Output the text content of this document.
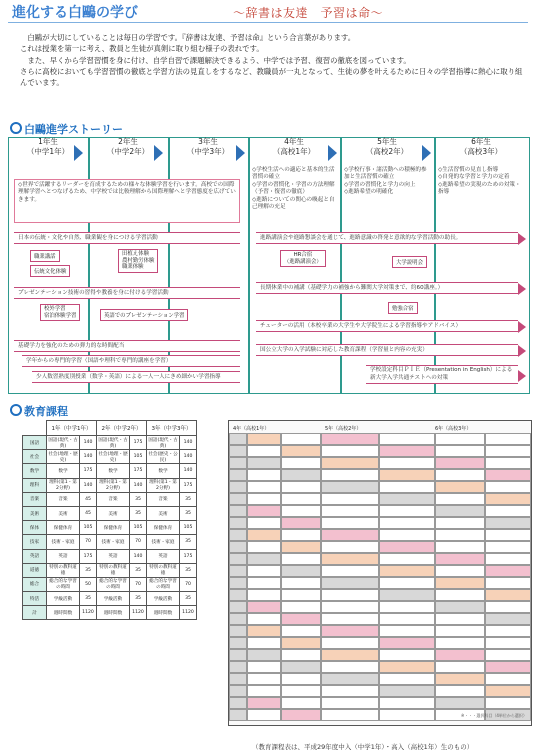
進化する白鷗の学び	～辞書は友達　予習は命～

白鷗が大切にしていることは毎日の学習です。『辞書は友達、予習は命』という合言葉があります。

これは授業を第一に考え、教員と生徒が真剣に取り組む様子の表れです。

また、早くから学習習慣を身に付け、自学自習で課題解決できるよう、中学では予習、復習の徹底を図っています。

さらに高校においても学習習慣の徹底と学習方法の見直しをするなど、教職員が一丸となって、生徒の夢を叶えるために日々の学習指導に熱心に取り組んでいます。

白鷗進学ストーリー
1年生
（中学1年）
2年生
（中学2年）
3年生
（中学3年）
4年生
（高校1年）
5年生
（高校2年）
6年生
（高校3年）
◇世界で活躍するリーダーを育成するための様々な体験学習を行います。高校での国際理解学習へとつなげるため、中学校では比較理解から国際理解へと学習態度を広げていきます。
◇学校生活への適応と基本的生活習慣の確立
◇学習の習慣化・学習の方法理解
（予習・復習の徹底）
◇進路についての関心の喚起と自己理解の充足
◇学校行事・諸活動への積極的参加と生活習慣の確立
◇学習の習慣化と学力の向上
◇進路希望の明確化
◇生活習慣の見直し指導
◇自発的な学習と学力の定着
◇進路希望の実現のための対策・指導
日本の伝統・文化や自然、職業観を身につける学習活動
職業講話
伝統文化体験
田植え体験
農村勤労体験
職業体験
プレゼンテーション技術の習得や教養を身に付ける学習活動
校外学習
宿泊体験学習	英語でのプレゼンテーション学習
基礎学力を強化のための弾力的な時間配当
学年からの専門的学習（国語や理科で専門的講座を学習）
少人数習熟度別授業（数学・英語）による一人一人にきめ細かい学習指導
進路講演会や進路懇談会を通じて、進路意識の啓発と意欲的な学習活動の助長。
HR合宿
（進路講演会）	大学説明会
長期休業中の補講（基礎学力の補強から難関大学対策まで、約60講座。）
勉強合宿
チューターの活用（本校卒業の大学生や大学院生による学習指導やアドバイス）
国公立大学の入学試験に対応した教育課程（学習量と内容の充実）
学校設定科目ＰＩＥ（Presentation in English）による新大学入学共通テストへの対策
教育課程
	1年（中学1年）		2年（中学2年）		3年（中学3年）	
国語	国語(現代・古典)	140	国語(現代・古典)	175	国語(現代・古典)	140
社会	社会(地理・歴史)	140	社会(地理・歴史)	105	社会(歴史・公民)	140
数学	数学	175	数学	175	数学	140
理科	理科(第1・第2分野)	140	理科(第1・第2分野)	140	理科(第1・第2分野)	175
音楽	音楽	45	音楽	35	音楽	35
美術	美術	45	美術	35	美術	35
保体	保健体育	105	保健体育	105	保健体育	105
技家	技術・家庭	70	技術・家庭	70	技術・家庭	35
英語	英語	175	英語	140	英語	175
道徳	特別の教科道徳	35	特別の教科道徳	35	特別の教科道徳	35
総合	総合的な学習の時間	50	総合的な学習の時間	70	総合的な学習の時間	70
特活	学級活動	35	学級活動	35	学級活動	35
計	週時間数	1120	週時間数	1120	週時間数	1120
4年（高校1年）	5年（高校2年）	6年（高校3年）
※・・・選択科目（4単位から選択）
（教育課程表は、平成29年度中入（中学1年）・高入（高校1年）生のもの）
